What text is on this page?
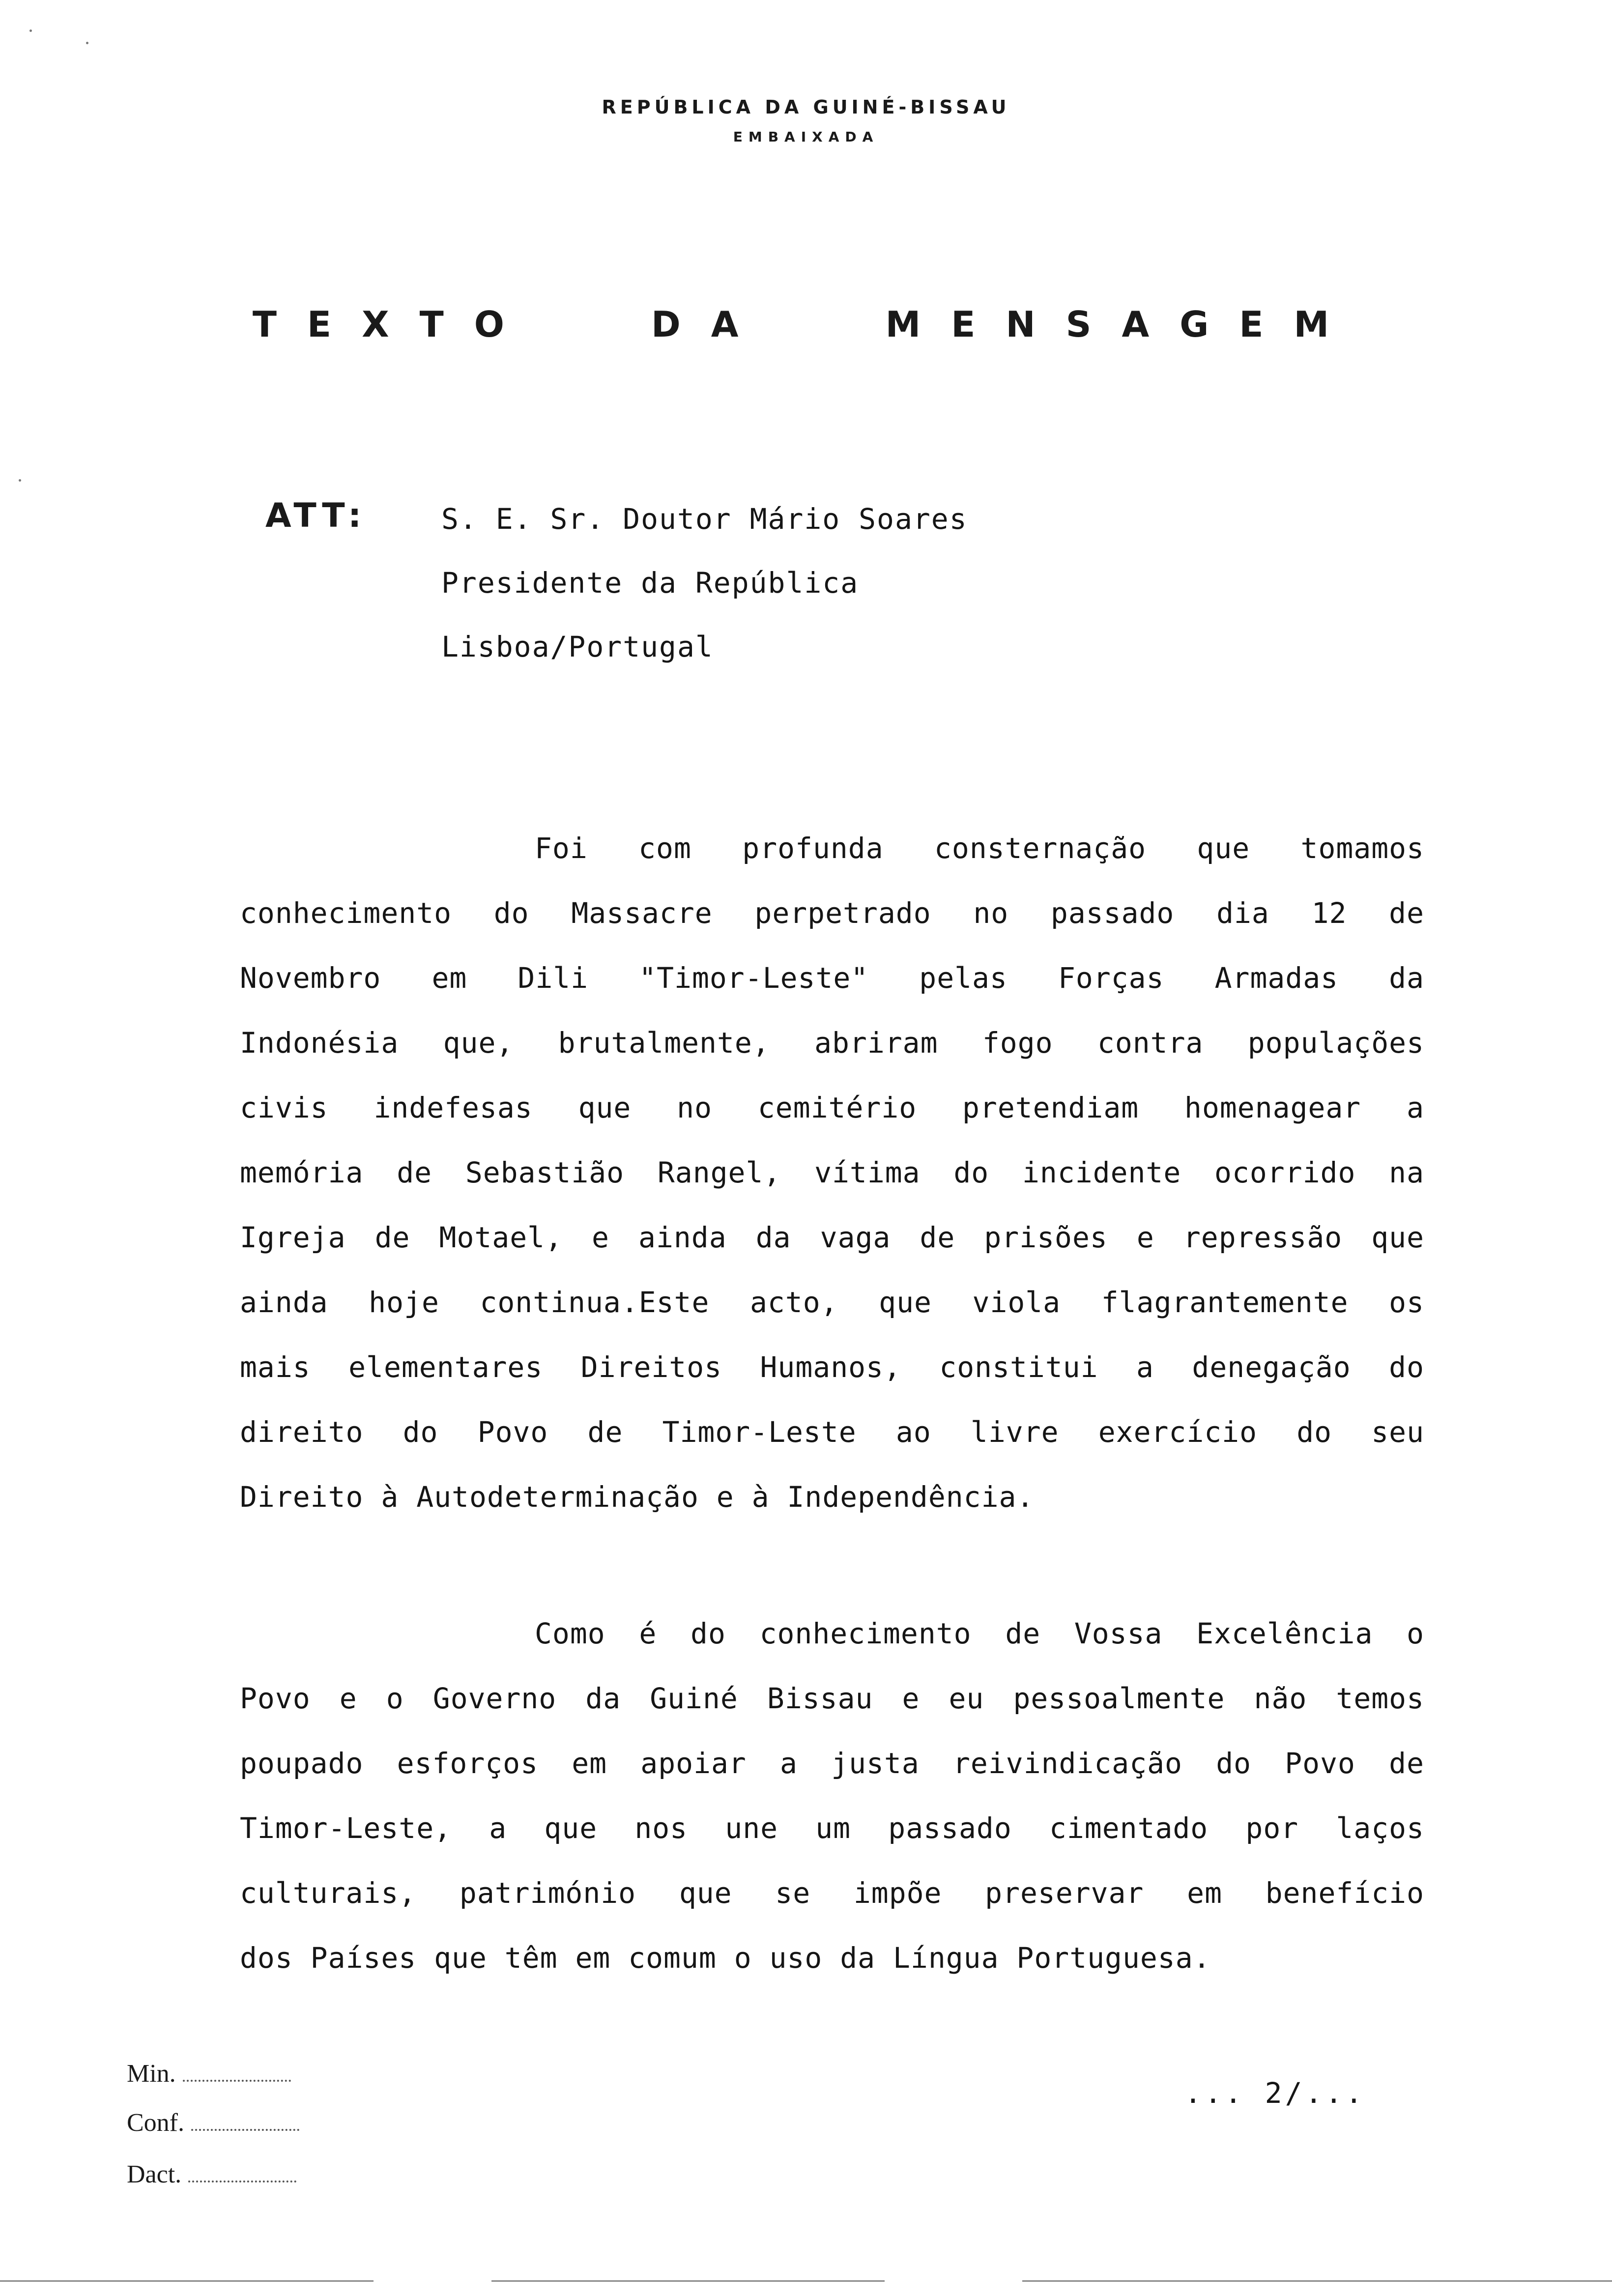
REPÚBLICA DA GUINÉ-BISSAU
EMBAIXADA
TEXTO DA MENSAGEM
ATT:	S. E. Sr. Doutor Mário Soares
Presidente da República
Lisboa/Portugal
Foi com profunda consternação que tomamos
conhecimento do Massacre perpetrado no passado dia 12 de
Novembro em Dili "Timor-Leste" pelas Forças Armadas da
Indonésia que, brutalmente, abriram fogo contra populações
civis indefesas que no cemitério pretendiam homenagear a
memória de Sebastião Rangel, vítima do incidente ocorrido na
Igreja de Motael, e ainda da vaga de prisões e repressão que
ainda hoje continua.Este acto, que viola flagrantemente os
mais elementares Direitos Humanos, constitui a denegação do
direito do Povo de Timor-Leste ao livre exercício do seu
Direito à Autodeterminação e à Independência.
Como é do conhecimento de Vossa Excelência o
Povo e o Governo da Guiné Bissau e eu pessoalmente não temos
poupado esforços em apoiar a justa reivindicação do Povo de
Timor-Leste, a que nos une um passado cimentado por laços
culturais, património que se impõe preservar em benefício
dos Países que têm em comum o uso da Língua Portuguesa.
Min.
Conf.
Dact.
... 2/...
